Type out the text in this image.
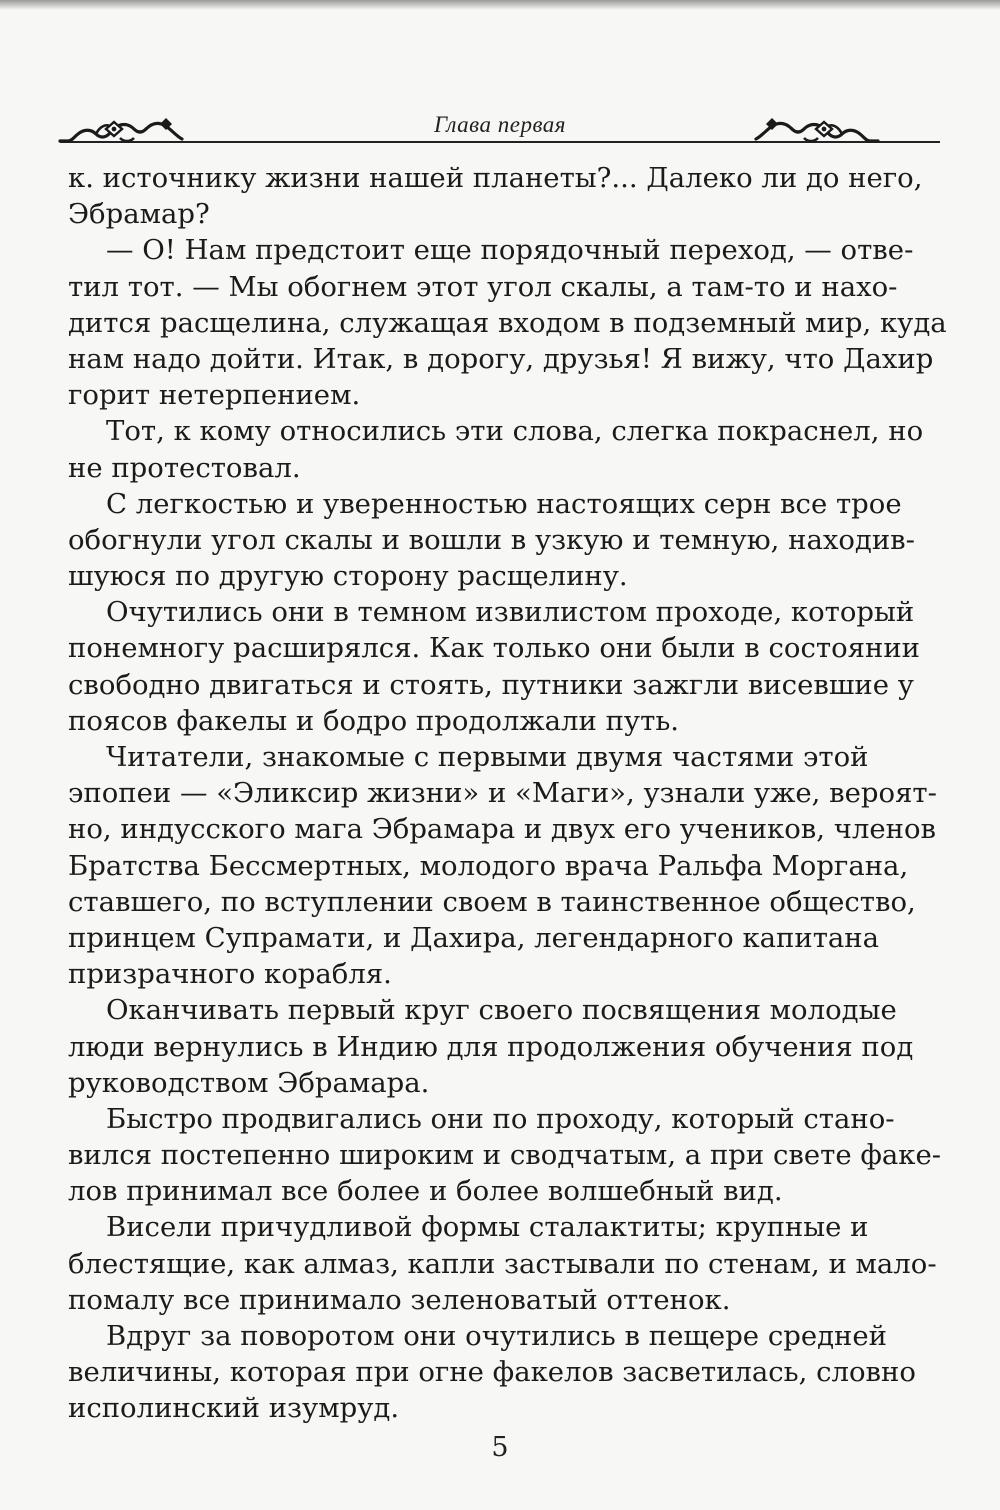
Глава первая
к. источнику жизни нашей планеты?... Далеко ли до него,
Эбрамар?
— О! Нам предстоит еще порядочный переход, — отве-
тил тот. — Мы обогнем этот угол скалы, а там-то и нахо-
дится расщелина, служащая входом в подземный мир, куда
нам надо дойти. Итак, в дорогу, друзья! Я вижу, что Дахир
горит нетерпением.
Тот, к кому относились эти слова, слегка покраснел, но
не протестовал.
С легкостью и уверенностью настоящих серн все трое
обогнули угол скалы и вошли в узкую и темную, находив-
шуюся по другую сторону расщелину.
Очутились они в темном извилистом проходе, который
понемногу расширялся. Как только они были в состоянии
свободно двигаться и стоять, путники зажгли висевшие у
поясов факелы и бодро продолжали путь.
Читатели, знакомые с первыми двумя частями этой
эпопеи — «Эликсир жизни» и «Маги», узнали уже, вероят-
но, индусского мага Эбрамара и двух его учеников, членов
Братства Бессмертных, молодого врача Ральфа Моргана,
ставшего, по вступлении своем в таинственное общество,
принцем Супрамати, и Дахира, легендарного капитана
призрачного корабля.
Оканчивать первый круг своего посвящения молодые
люди вернулись в Индию для продолжения обучения под
руководством Эбрамара.
Быстро продвигались они по проходу, который стано-
вился постепенно широким и сводчатым, а при свете факе-
лов принимал все более и более волшебный вид.
Висели причудливой формы сталактиты; крупные и
блестящие, как алмаз, капли застывали по стенам, и мало-
помалу все принимало зеленоватый оттенок.
Вдруг за поворотом они очутились в пещере средней
величины, которая при огне факелов засветилась, словно
исполинский изумруд.
5
